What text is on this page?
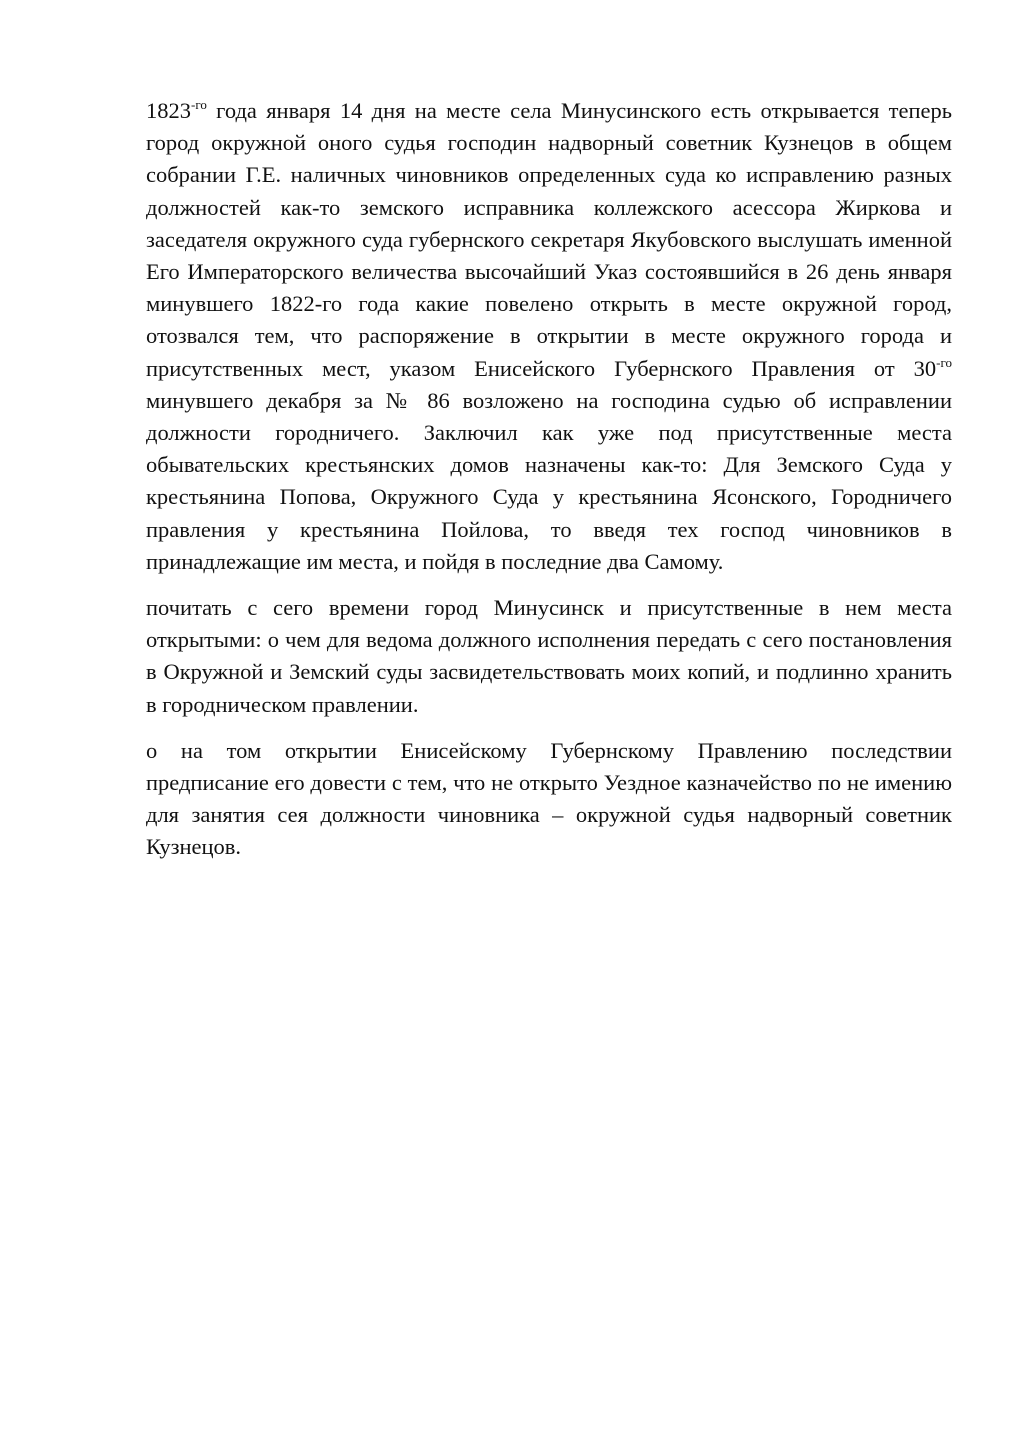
$1823^{-го}$ года января 14 дня на месте села Минусинского есть открывается теперь город окружной оного судья господин надворный советник Кузнецов в общем собрании Г.Е. наличных чиновников определенных суда ко исправлению разных должностей как-то земского исправника коллежского асессора Жиркова и заседателя окружного суда губернского секретаря Якубовского выслушать именной Его Императорского величества высочайший Указ состоявшийся в 26 день января минувшего 1822-го года какие повелено открыть в месте окружной город, отозвался тем, что распоряжение в открытии в месте окружного города и присутственных мест, указом Енисейского Губернского Правления от $30^{-го}$ минувшего декабря за № 86 возложено на господина судью об исправлении должности городничего. Заключил как уже под присутственные места обывательских крестьянских домов назначены как-то: Для Земского Суда у крестьянина Попова, Окружного Суда у крестьянина Ясонского, Городничего правления у крестьянина Пойлова, то введя тех господ чиновников в принадлежащие им места, и пойдя в последние два Самому.

почитать с сего времени город Минусинск и присутственные в нем места открытыми: о чем для ведома должного исполнения передать с сего постановления в Окружной и Земский суды засвидетельствовать моих копий, и подлинно хранить в городническом правлении.

о на том открытии Енисейскому Губернскому Правлению последствии предписание его довести с тем, что не открыто Уездное казначейство по не имению для занятия сея должности чиновника – окружной судья надворный советник Кузнецов.
